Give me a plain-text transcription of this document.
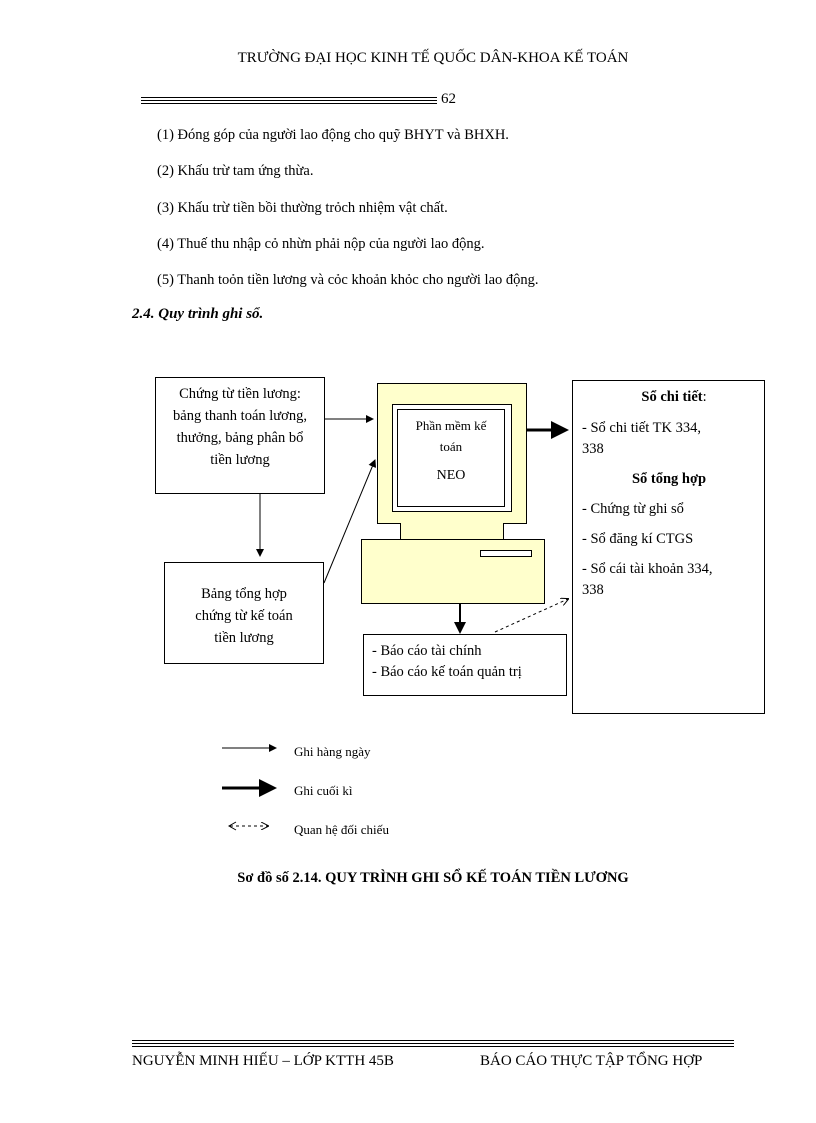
TRƯỜNG ĐẠI HỌC KINH TẾ QUỐC DÂN-KHOA KẾ TOÁN
62
(1) Đóng góp của người lao động cho quỹ BHYT và BHXH.
(2) Khấu trừ tam ứng thừa.
(3) Khấu trừ tiền bồi thường trỏch nhiệm vật chất.
(4) Thuế thu nhập cỏ nhừn phải nộp của người lao động.
(5) Thanh toỏn tiền lương và cỏc khoản khỏc cho người lao động.
2.4. Quy trình ghi sổ.
Chứng từ tiền lương:
bảng thanh toán lương,
thưởng, bảng phân bổ
tiền lương
Bảng tổng hợp
chứng từ kế toán
tiền lương
Phần mềm kế
toán
NEO
- Báo cáo tài chính
- Báo cáo kế toán quản trị
Sổ chi tiết:
- Sổ chi tiết TK 334,
338
Sổ tổng hợp
- Chứng từ ghi sổ
- Sổ đăng kí CTGS
- Sổ cái tài khoản 334,
338
Ghi hàng ngày
Ghi cuối kì
Quan hệ đối chiếu
Sơ đồ số 2.14. QUY TRÌNH GHI SỔ KẾ TOÁN TIỀN LƯƠNG
NGUYỄN MINH HIẾU – LỚP KTTH 45B	BÁO CÁO THỰC TẬP TỔNG HỢP
